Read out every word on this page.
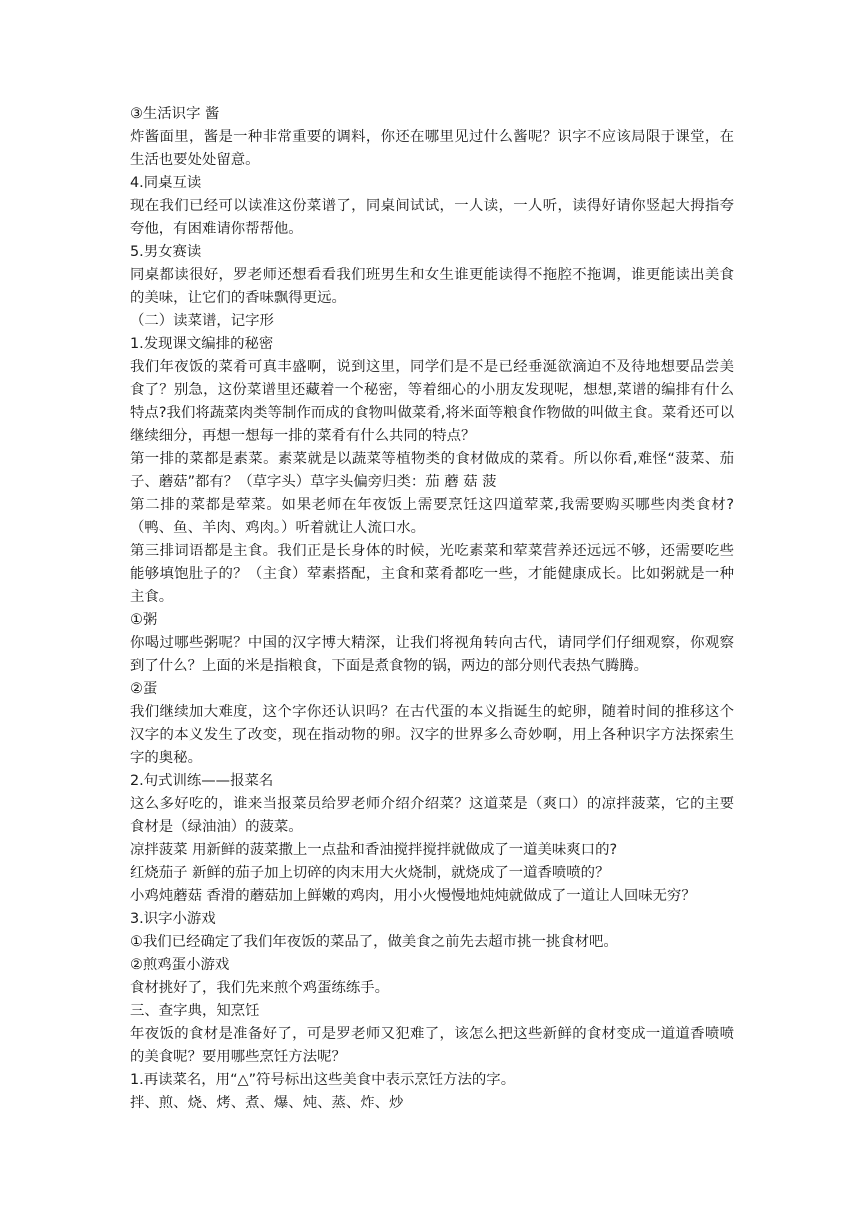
③生活识字 酱

炸酱面里，酱是一种非常重要的调料，你还在哪里见过什么酱呢？识字不应该局限于课堂，在生活也要处处留意。

4.同桌互读

现在我们已经可以读准这份菜谱了，同桌间试试，一人读，一人听，读得好请你竖起大拇指夸夸他，有困难请你帮帮他。

5.男女赛读

同桌都读很好，罗老师还想看看我们班男生和女生谁更能读得不拖腔不拖调，谁更能读出美食的美味，让它们的香味飘得更远。

（二）读菜谱，记字形

1.发现课文编排的秘密

我们年夜饭的菜肴可真丰盛啊，说到这里，同学们是不是已经垂涎欲滴迫不及待地想要品尝美食了？别急，这份菜谱里还藏着一个秘密，等着细心的小朋友发现呢，想想,菜谱的编排有什么特点?我们将蔬菜肉类等制作而成的食物叫做菜肴,将米面等粮食作物做的叫做主食。菜肴还可以继续细分，再想一想每一排的菜肴有什么共同的特点？

第一排的菜都是素菜。素菜就是以蔬菜等植物类的食材做成的菜肴。所以你看,难怪“菠菜、茄子、蘑菇”都有？（草字头）草字头偏旁归类：茄 蘑 菇 菠

第二排的菜都是荤菜。如果老师在年夜饭上需要烹饪这四道荤菜,我需要购买哪些肉类食材?（鸭、鱼、羊肉、鸡肉。）听着就让人流口水。

第三排词语都是主食。我们正是长身体的时候，光吃素菜和荤菜营养还远远不够，还需要吃些能够填饱肚子的？（主食）荤素搭配，主食和菜肴都吃一些，才能健康成长。比如粥就是一种主食。

①粥

你喝过哪些粥呢？中国的汉字博大精深，让我们将视角转向古代，请同学们仔细观察，你观察到了什么？上面的米是指粮食，下面是煮食物的锅，两边的部分则代表热气腾腾。

②蛋

我们继续加大难度，这个字你还认识吗？在古代蛋的本义指诞生的蛇卵，随着时间的推移这个汉字的本义发生了改变，现在指动物的卵。汉字的世界多么奇妙啊，用上各种识字方法探索生字的奥秘。

2.句式训练——报菜名

这么多好吃的，谁来当报菜员给罗老师介绍介绍菜？这道菜是（爽口）的凉拌菠菜，它的主要食材是（绿油油）的菠菜。

凉拌菠菜 用新鲜的菠菜撒上一点盐和香油搅拌搅拌就做成了一道美味爽口的?

红烧茄子 新鲜的茄子加上切碎的肉末用大火烧制，就烧成了一道香喷喷的？

小鸡炖蘑菇 香滑的蘑菇加上鲜嫩的鸡肉，用小火慢慢地炖炖就做成了一道让人回味无穷？

3.识字小游戏

①我们已经确定了我们年夜饭的菜品了，做美食之前先去超市挑一挑食材吧。

②煎鸡蛋小游戏

食材挑好了，我们先来煎个鸡蛋练练手。

三、查字典，知烹饪

年夜饭的食材是准备好了，可是罗老师又犯难了，该怎么把这些新鲜的食材变成一道道香喷喷的美食呢？要用哪些烹饪方法呢？

1.再读菜名，用“△”符号标出这些美食中表示烹饪方法的字。

拌、煎、烧、烤、煮、爆、炖、蒸、炸、炒
